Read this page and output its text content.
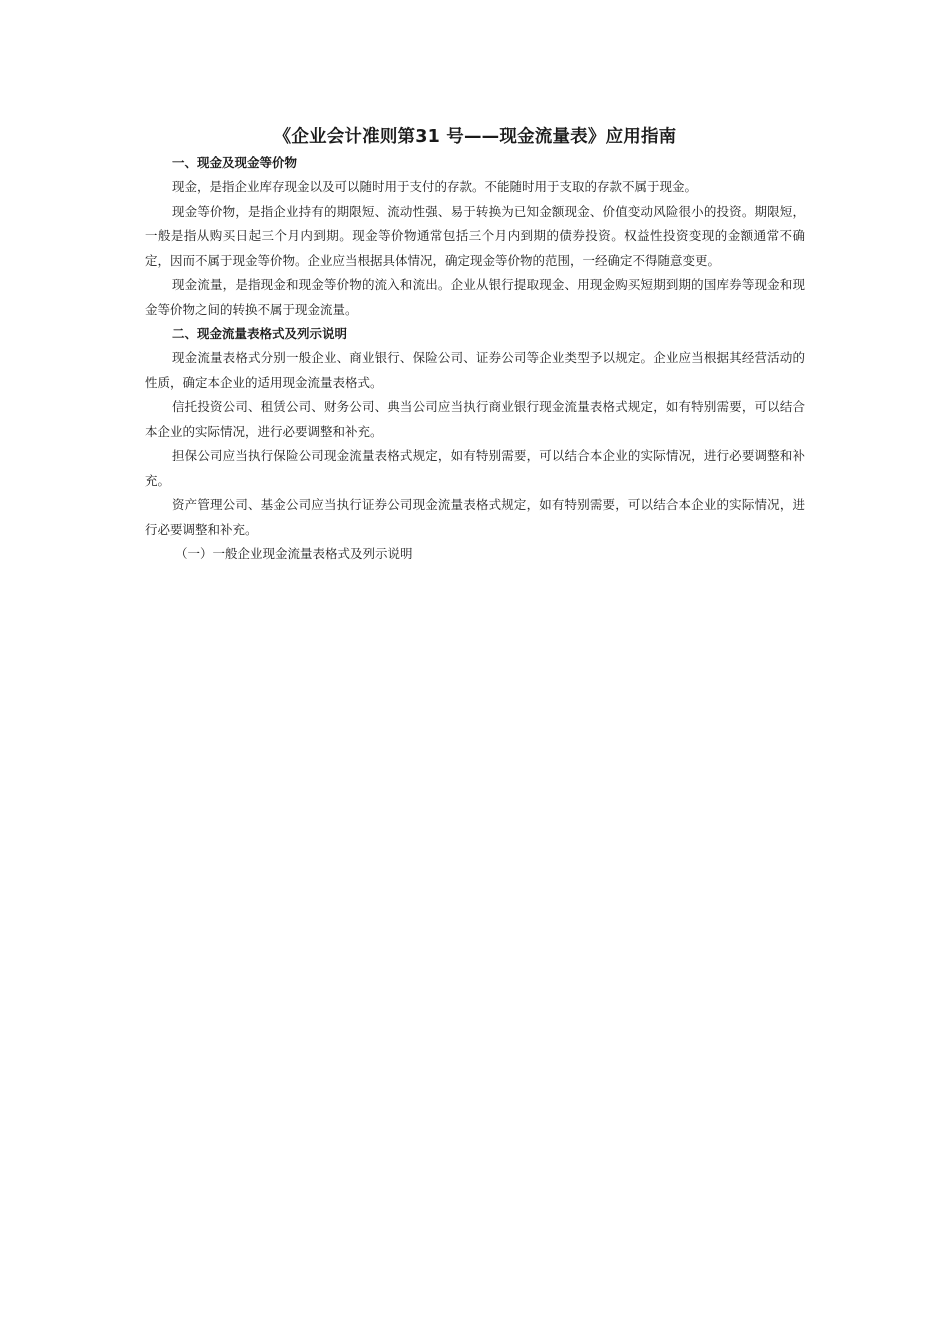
《企业会计准则第31 号——现金流量表》应用指南
一、现金及现金等价物

现金，是指企业库存现金以及可以随时用于支付的存款。不能随时用于支取的存款不属于现金。

现金等价物，是指企业持有的期限短、流动性强、易于转换为已知金额现金、价值变动风险很小的投资。期限短，一般是指从购买日起三个月内到期。现金等价物通常包括三个月内到期的债券投资。权益性投资变现的金额通常不确定，因而不属于现金等价物。企业应当根据具体情况，确定现金等价物的范围，一经确定不得随意变更。

现金流量，是指现金和现金等价物的流入和流出。企业从银行提取现金、用现金购买短期到期的国库券等现金和现金等价物之间的转换不属于现金流量。

二、现金流量表格式及列示说明

现金流量表格式分别一般企业、商业银行、保险公司、证券公司等企业类型予以规定。企业应当根据其经营活动的性质，确定本企业的适用现金流量表格式。

信托投资公司、租赁公司、财务公司、典当公司应当执行商业银行现金流量表格式规定，如有特别需要，可以结合本企业的实际情况，进行必要调整和补充。

担保公司应当执行保险公司现金流量表格式规定，如有特别需要，可以结合本企业的实际情况，进行必要调整和补充。

资产管理公司、基金公司应当执行证券公司现金流量表格式规定，如有特别需要，可以结合本企业的实际情况，进行必要调整和补充。

（一）一般企业现金流量表格式及列示说明
